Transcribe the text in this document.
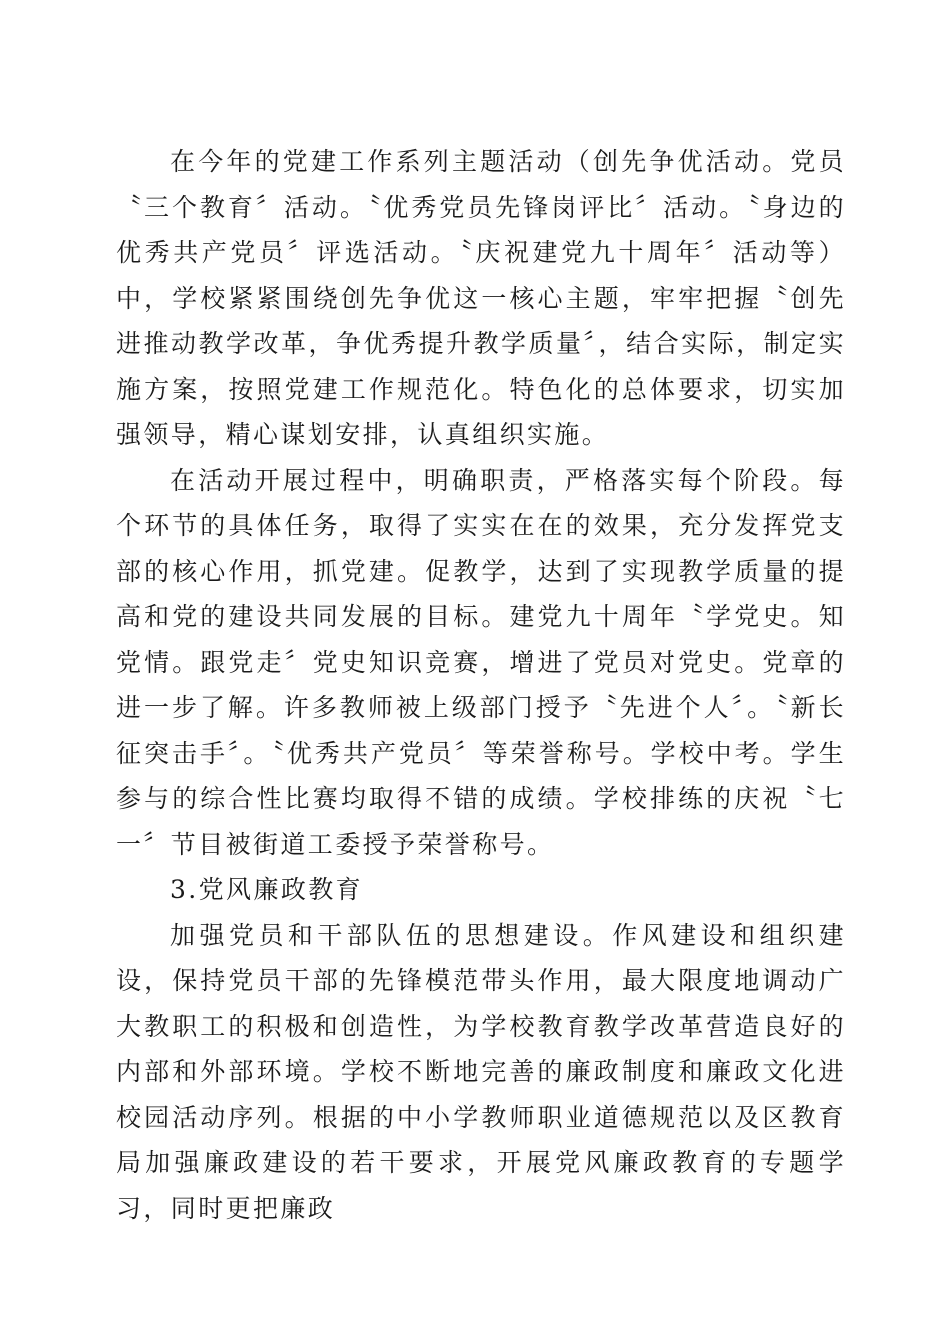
在今年的党建工作系列主题活动（创先争优活动。党员〝三个教育〞活动。〝优秀党员先锋岗评比〞活动。〝身边的优秀共产党员〞评选活动。〝庆祝建党九十周年〞活动等）中，学校紧紧围绕创先争优这一核心主题，牢牢把握〝创先进推动教学改革，争优秀提升教学质量〞，结合实际，制定实施方案，按照党建工作规范化。特色化的总体要求，切实加强领导，精心谋划安排，认真组织实施。

在活动开展过程中，明确职责，严格落实每个阶段。每个环节的具体任务，取得了实实在在的效果，充分发挥党支部的核心作用，抓党建。促教学，达到了实现教学质量的提高和党的建设共同发展的目标。建党九十周年〝学党史。知党情。跟党走〞党史知识竞赛，增进了党员对党史。党章的进一步了解。许多教师被上级部门授予〝先进个人〞。〝新长征突击手〞。〝优秀共产党员〞等荣誉称号。学校中考。学生参与的综合性比赛均取得不错的成绩。学校排练的庆祝〝七一〞节目被街道工委授予荣誉称号。

3.党风廉政教育

加强党员和干部队伍的思想建设。作风建设和组织建设，保持党员干部的先锋模范带头作用，最大限度地调动广大教职工的积极和创造性，为学校教育教学改革营造良好的内部和外部环境。学校不断地完善的廉政制度和廉政文化进校园活动序列。根据的中小学教师职业道德规范以及区教育局加强廉政建设的若干要求，开展党风廉政教育的专题学习，同时更把廉政
